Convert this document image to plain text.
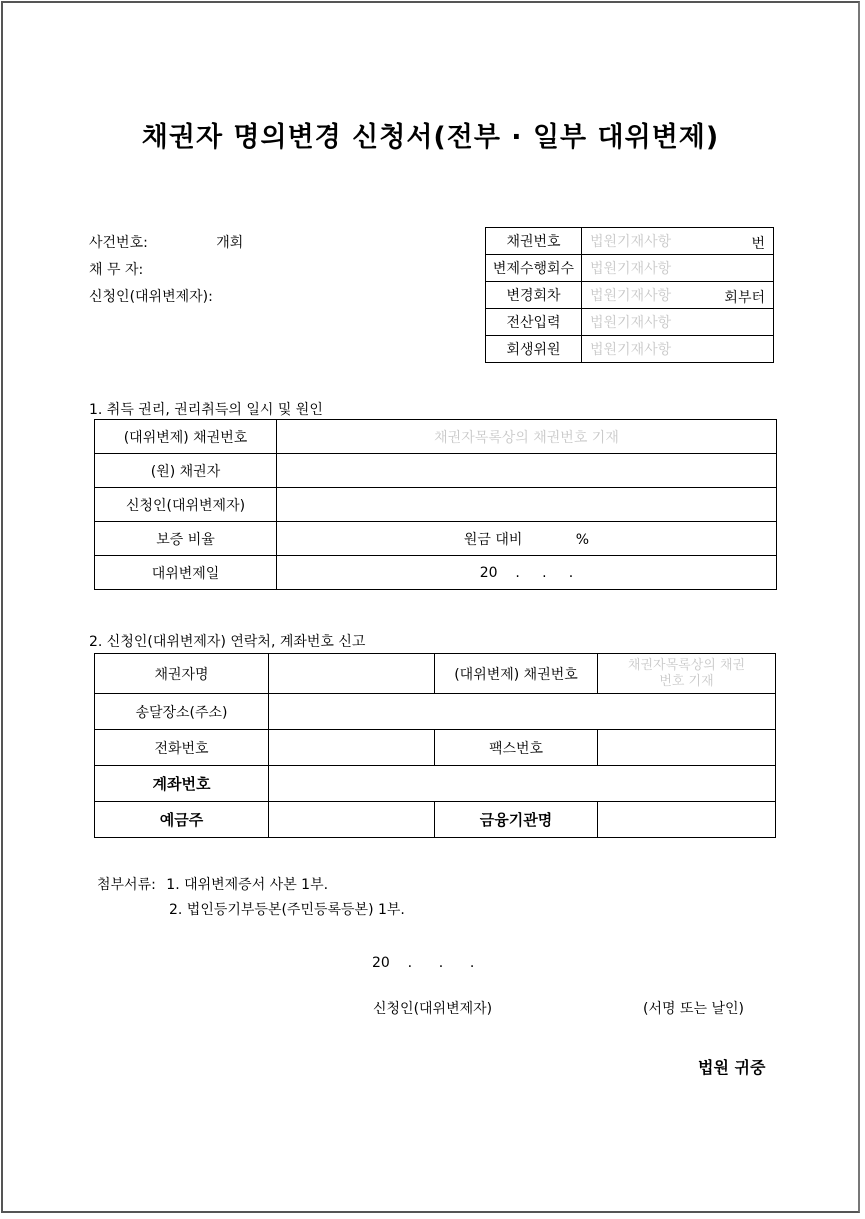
채권자 명의변경 신청서(전부 · 일부 대위변제)
사건번호:	개회
채 무 자:
신청인(대위변제자):
채권번호	법원기재사항 번

변제수행회수	법원기재사항

변경회차	법원기재사항 회부터

전산입력	법원기재사항

회생위원	법원기재사항
1. 취득 권리, 권리취득의 일시 및 원인
(대위변제) 채권번호	채권자목록상의 채권번호 기재
(원) 채권자	
신청인(대위변제자)	
보증 비율	원금 대비            %
대위변제일	20    .     .     .
2. 신청인(대위변제자) 연락처, 계좌번호 신고
채권자명		(대위변제) 채권번호	채권자목록상의 채권번호 기재
송달장소(주소)			
전화번호		팩스번호	
계좌번호			
예금주		금융기관명	
첨부서류: 1. 대위변제증서 사본 1부.
2. 법인등기부등본(주민등록등본) 1부.
20    .      .      .
신청인(대위변제자)	(서명 또는 날인)
법원 귀중
